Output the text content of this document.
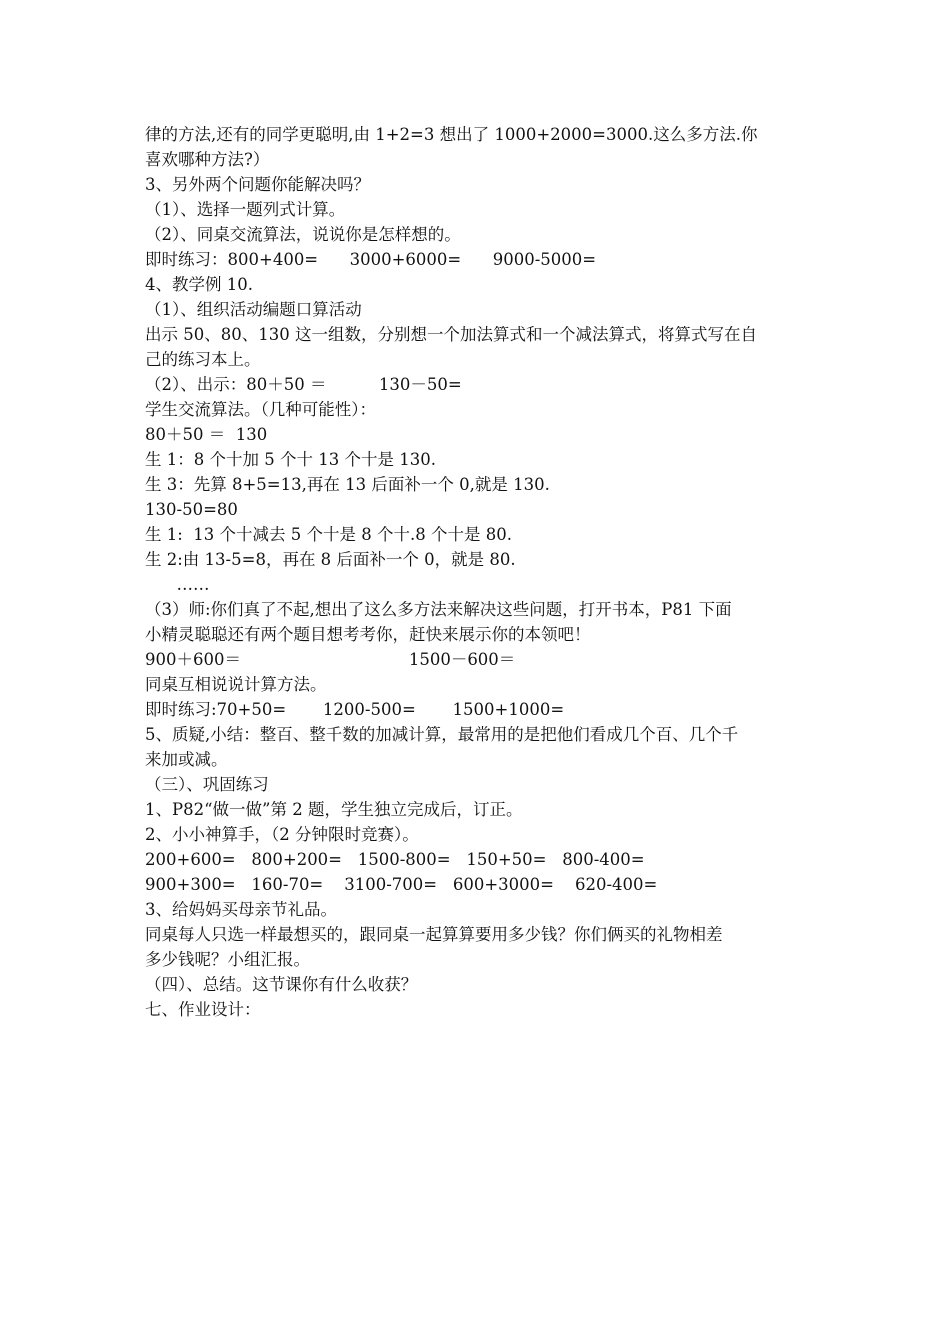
律的方法,还有的同学更聪明,由 1+2=3 想出了 1000+2000=3000.这么多方法.你
喜欢哪种方法?）
3、另外两个问题你能解决吗？
（1）、选择一题列式计算。
（2）、同桌交流算法，说说你是怎样想的。
即时练习：800+400=      3000+6000=      9000-5000=
4、教学例 10.
（1）、组织活动编题口算活动
出示 50、80、130 这一组数，分别想一个加法算式和一个减法算式，将算式写在自
己的练习本上。
（2）、出示：80＋50 ＝          130－50=
学生交流算法。（几种可能性）：
80＋50 ＝  130
生 1：8 个十加 5 个十 13 个十是 130.
生 3：先算 8+5=13,再在 13 后面补一个 0,就是 130.
130-50=80
生 1:  13 个十减去 5 个十是 8 个十.8 个十是 80.
生 2:由 13-5=8，再在 8 后面补一个 0，就是 80.
……
（3）师:你们真了不起,想出了这么多方法来解决这些问题，打开书本，P81 下面
小精灵聪聪还有两个题目想考考你，赶快来展示你的本领吧！
900＋600＝                                1500－600＝
同桌互相说说计算方法。
即时练习:70+50=       1200-500=       1500+1000=
5、质疑,小结：整百、整千数的加减计算，最常用的是把他们看成几个百、几个千
来加或减。
（三）、巩固练习
1、P82“做一做”第 2 题，学生独立完成后，订正。
2、小小神算手，（2 分钟限时竞赛）。
200+600=   800+200=   1500-800=   150+50=   800-400=
900+300=   160-70=    3100-700=   600+3000=    620-400=
3、给妈妈买母亲节礼品。
同桌每人只选一样最想买的，跟同桌一起算算要用多少钱？你们俩买的礼物相差
多少钱呢？小组汇报。
（四）、总结。这节课你有什么收获？
七、作业设计：
